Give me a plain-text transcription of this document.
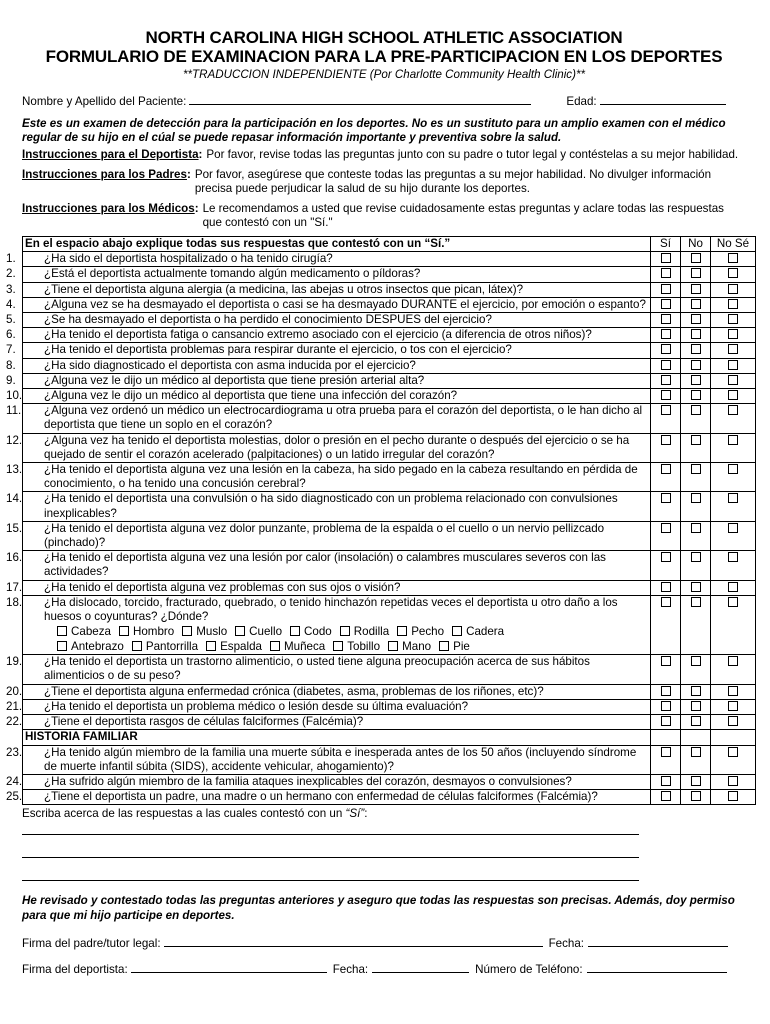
NORTH CAROLINA HIGH SCHOOL ATHLETIC ASSOCIATION
FORMULARIO DE EXAMINACION PARA LA PRE-PARTICIPACION EN LOS DEPORTES
**TRADUCCION INDEPENDIENTE (Por Charlotte Community Health Clinic)**
Nombre y Apellido del Paciente:	Edad:
Este es un examen de detección para la participación en los deportes. No es un sustituto para un amplio examen con el médico regular de su hijo en el cúal se puede repasar información importante y preventiva sobre la salud.
Instrucciones para el Deportista : Por favor, revise todas las preguntas junto con su padre o tutor legal y contéstelas a su mejor habilidad.
Instrucciones para los Padres : Por favor, asegúrese que conteste todas las preguntas a su mejor habilidad. No divulger información precisa puede perjudicar la salud de su hijo durante los deportes.
Instrucciones para los Médicos : Le recomendamos a usted que revise cuidadosamente estas preguntas y aclare todas las respuestas que contestó con un "Sí."
En el espacio abajo explique todas sus respuestas que contestó con un “Sí.”	Sí	No	No Sé

1. ¿Ha sido el deportista hospitalizado o ha tenido cirugía?			

2. ¿Está el deportista actualmente tomando algún medicamento o píldoras?			

3. ¿Tiene el deportista alguna alergia (a medicina, las abejas u otros insectos que pican, látex)?			

4. ¿Alguna vez se ha desmayado el deportista o casi se ha desmayado DURANTE el ejercicio, por emoción o espanto?			

5. ¿Se ha desmayado el deportista o ha perdido el conocimiento DESPUES del ejercicio?			

6. ¿Ha tenido el deportista fatiga o cansancio extremo asociado con el ejercicio (a diferencia de otros niños)?			

7. ¿Ha tenido el deportista problemas para respirar durante el ejercicio, o tos con el ejercicio?			

8. ¿Ha sido diagnosticado el deportista con asma inducida por el ejercicio?			

9. ¿Alguna vez le dijo un médico al deportista que tiene presión arterial alta?			

10. ¿Alguna vez le dijo un médico al deportista que tiene una infección del corazón?			

11. ¿Alguna vez ordenó un médico un electrocardiograma u otra prueba para el corazón del deportista, o le han dicho al deportista que tiene un soplo en el corazón?			

12. ¿Alguna vez ha tenido el deportista molestias, dolor o presión en el pecho durante o después del ejercicio o se ha quejado de sentir el corazón acelerado (palpitaciones) o un latido irregular del corazón?			

13. ¿Ha tenido el deportista alguna vez una lesión en la cabeza, ha sido pegado en la cabeza resultando en pérdida de conocimiento, o ha tenido una concusión cerebral?			

14. ¿Ha tenido el deportista una convulsión o ha sido diagnosticado con un problema relacionado con convulsiones inexplicables?			

15. ¿Ha tenido el deportista alguna vez dolor punzante, problema de la espalda o el cuello o un nervio pellizcado (pinchado)?			

16. ¿Ha tenido el deportista alguna vez una lesión por calor (insolación) o calambres musculares severos con las actividades?			

17. ¿Ha tenido el deportista alguna vez problemas con sus ojos o visión?			

18. ¿Ha dislocado, torcido, fracturado, quebrado, o tenido hinchazón repetidas veces el deportista u otro daño a los huesos o coyunturas? ¿Dónde?
Cabeza Hombro Muslo Cuello Codo Rodilla Pecho Cadera
Antebrazo Pantorrilla Espalda Muñeca Tobillo Mano Pie			

19. ¿Ha tenido el deportista un trastorno alimenticio, o usted tiene alguna preocupación acerca de sus hábitos alimenticios o de su peso?			

20. ¿Tiene el deportista alguna enfermedad crónica (diabetes, asma, problemas de los riñones, etc)?			

21. ¿Ha tenido el deportista un problema médico o lesión desde su última evaluación?			

22. ¿Tiene el deportista rasgos de células falciformes (Falcémia)?			

HISTORIA FAMILIAR			

23. ¿Ha tenido algún miembro de la familia una muerte súbita e inesperada antes de los 50 años (incluyendo síndrome de muerte infantil súbita (SIDS), accidente vehicular, ahogamiento)?			

24. ¿Ha sufrido algún miembro de la familia ataques inexplicables del corazón, desmayos o convulsiones?			

25. ¿Tiene el deportista un padre, una madre o un hermano con enfermedad de células falciformes (Falcémia)?			

Escriba acerca de las respuestas a las cuales contestó con un “Sí”:
He revisado y contestado todas las preguntas anteriores y aseguro que todas las respuestas son precisas. Además, doy permiso para que mi hijo participe en deportes.
Firma del padre/tutor legal:	Fecha:
Firma del deportista:	Fecha:	Número de Teléfono:
